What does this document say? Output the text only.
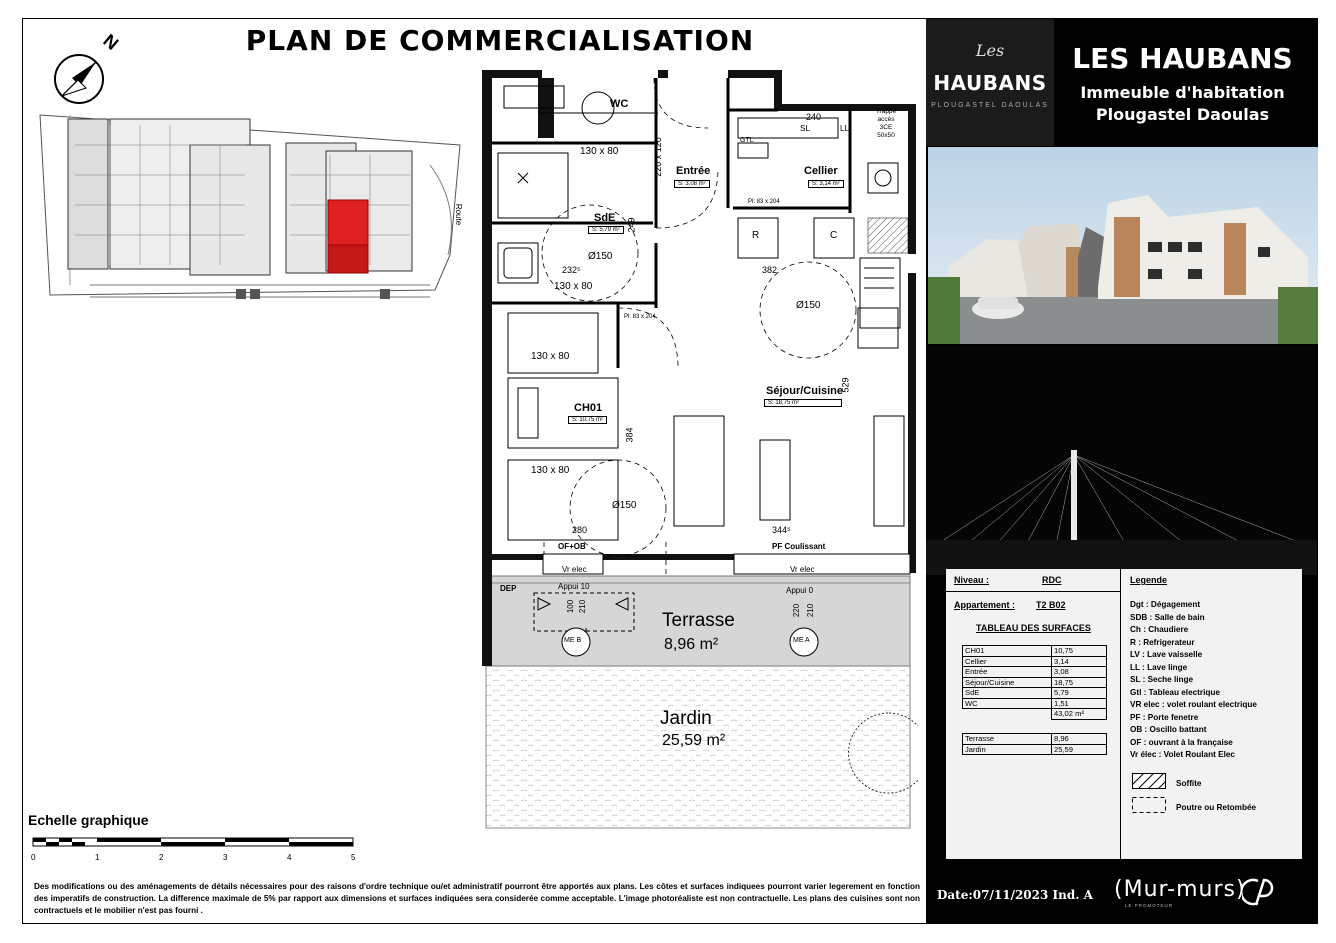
PLAN DE COMMERCIALISATION
N
Route
WC
Entrée
S: 3,08 m²
Cellier
S: 3,14 m²
SdE
S: 5,79 m²
CH01
S: 10,75 m²
Séjour/Cuisine
S: 18,75 m²
Terrasse
8,96 m²
Jardin
25,59 m²
130 x 80
130 x 80
130 x 80
130 x 80
Ø150
Ø150
Ø150
PF Coulissant
OF+OB
Vr elec	Vr elec
Appui 10	Appui 0
DEP
ME B	ME A
R	C
SL	LL
GTL
Trappe accès 3CE 50x50
240
382
232⁵
280	344⁵
529
384
249
220 x 120
100 210	220 210
Pl: 83 x 204
Pl: 83 x 204
Echelle graphique
0	1	2	3	4	5
Des modifications ou des aménagements de détails nécessaires pour des raisons d'ordre technique ou/et administratif pourront être apportés aux plans. Les côtes et surfaces indiquees pourront varier legerement en fonction des imperatifs de construction. La difference maximale de 5% par rapport aux dimensions et surfaces indiquées sera considerée comme acceptable. L'image photoréaliste est non contractuelle. Les plans des cuisines sont non contractuels et le mobilier n'est pas fourni .
Les
HAUBANS
PLOUGASTEL DAOULAS
LES HAUBANS
Immeuble d'habitation
Plougastel Daoulas
Niveau :	RDC
Appartement : T2 B02
TABLEAU DES SURFACES
CH01	10,75
Cellier	3,14
Entrée	3,08
Séjour/Cuisine	18,75
SdE	5,79
WC	1,51
	43,02 m²
Terrasse	8,96
Jardin	25,59
Legende
Dgt : Dégagement
SDB : Salle de bain
Ch : Chaudiere
R : Refrigerateur
LV : Lave vaisselle
LL : Lave linge
SL : Seche linge
Gtl : Tableau electrique
VR elec : volet roulant electrique
PF : Porte fenetre
OB : Oscillo battant
OF : ouvrant à la française
Vr élec : Volet Roulant Elec
Soffite
Poutre ou Retombée
Date:07/11/2023 Ind. A (Mur-murs)
LE PROMOTEUR
